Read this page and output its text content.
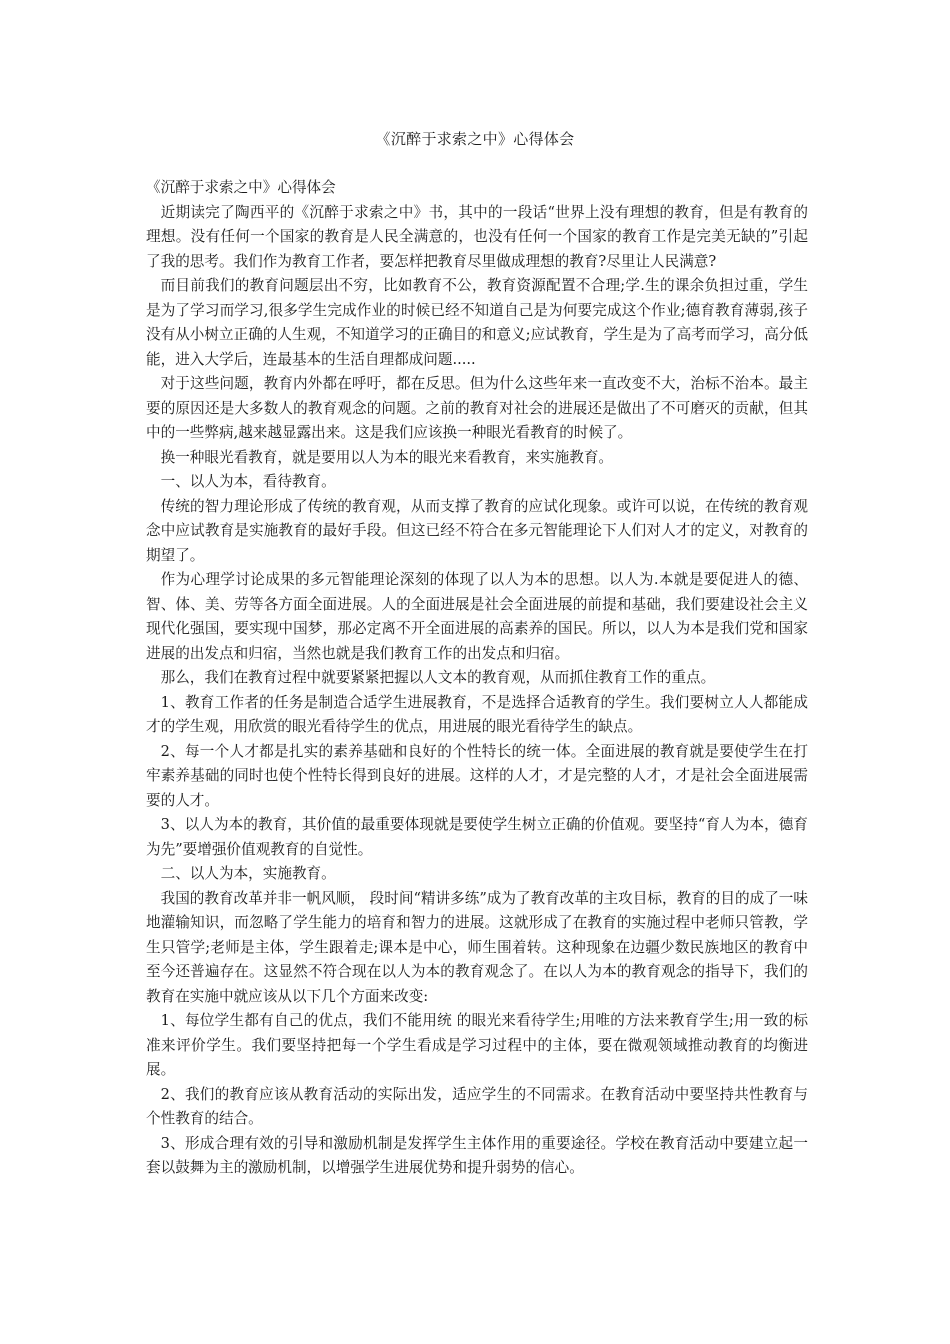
《沉醉于求索之中》心得体会

《沉醉于求索之中》心得体会

近期读完了陶西平的《沉醉于求索之中》书，其中的一段话“世界上没有理想的教育，但是有教育的理想。没有任何一个国家的教育是人民全满意的，也没有任何一个国家的教育工作是完美无缺的”引起了我的思考。我们作为教育工作者，要怎样把教育尽里做成理想的教育?尽里让人民满意?

而目前我们的教育问题层出不穷，比如教育不公，教育资源配置不合理;学.生的课余负担过重，学生是为了学习而学习,很多学生完成作业的时候已经不知道自己是为何要完成这个作业;德育教育薄弱,孩子没有从小树立正确的人生观，不知道学习的正确目的和意义;应试教育，学生是为了高考而学习，高分低能，进入大学后，连最基本的生活自理都成问题.....

对于这些问题，教育内外都在呼吁，都在反思。但为什么这些年来一直改变不大，治标不治本。最主要的原因还是大多数人的教育观念的问题。之前的教育对社会的进展还是做出了不可磨灭的贡献，但其中的一些弊病,越来越显露出来。这是我们应该换一种眼光看教育的时候了。

换一种眼光看教育，就是要用以人为本的眼光来看教育，来实施教育。

一、以人为本，看待教育。

传统的智力理论形成了传统的教育观，从而支撑了教育的应试化现象。或许可以说，在传统的教育观念中应试教育是实施教育的最好手段。但这已经不符合在多元智能理论下人们对人才的定义，对教育的期望了。

作为心理学讨论成果的多元智能理论深刻的体现了以人为本的思想。以人为.本就是要促进人的德、智、体、美、劳等各方面全面进展。人的全面进展是社会全面进展的前提和基础，我们要建设社会主义现代化强国，要实现中国梦，那必定离不开全面进展的高素养的国民。所以，以人为本是我们党和国家进展的出发点和归宿，当然也就是我们教育工作的出发点和归宿。

那么，我们在教育过程中就要紧紧把握以人文本的教育观，从而抓住教育工作的重点。

1、教育工作者的任务是制造合适学生进展教育，不是选择合适教育的学生。我们要树立人人都能成才的学生观，用欣赏的眼光看待学生的优点，用进展的眼光看待学生的缺点。

2、每一个人才都是扎实的素养基础和良好的个性特长的统一体。全面进展的教育就是要使学生在打牢素养基础的同时也使个性特长得到良好的进展。这样的人才，才是完整的人才，才是社会全面进展需要的人才。

3、以人为本的教育，其价值的最重要体现就是要使学生树立正确的价值观。要坚持“育人为本，德育为先”要增强价值观教育的自觉性。

二、以人为本，实施教育。

我国的教育改革并非一帆风顺， 段时间“精讲多练”成为了教育改革的主攻目标，教育的目的成了一味地灌输知识，而忽略了学生能力的培育和智力的进展。这就形成了在教育的实施过程中老师只管教，学生只管学;老师是主体，学生跟着走;课本是中心，师生围着转。这种现象在边疆少数民族地区的教育中至今还普遍存在。这显然不符合现在以人为本的教育观念了。在以人为本的教育观念的指导下，我们的教育在实施中就应该从以下几个方面来改变:

1、每位学生都有自己的优点，我们不能用统 的眼光来看待学生;用唯的方法来教育学生;用一致的标准来评价学生。我们要坚持把每一个学生看成是学习过程中的主体，要在微观领域推动教育的均衡进展。

2、我们的教育应该从教育活动的实际出发，适应学生的不同需求。在教育活动中要坚持共性教育与个性教育的结合。

3、形成合理有效的引导和激励机制是发挥学生主体作用的重要途径。学校在教育活动中要建立起一套以鼓舞为主的激励机制，以增强学生进展优势和提升弱势的信心。
